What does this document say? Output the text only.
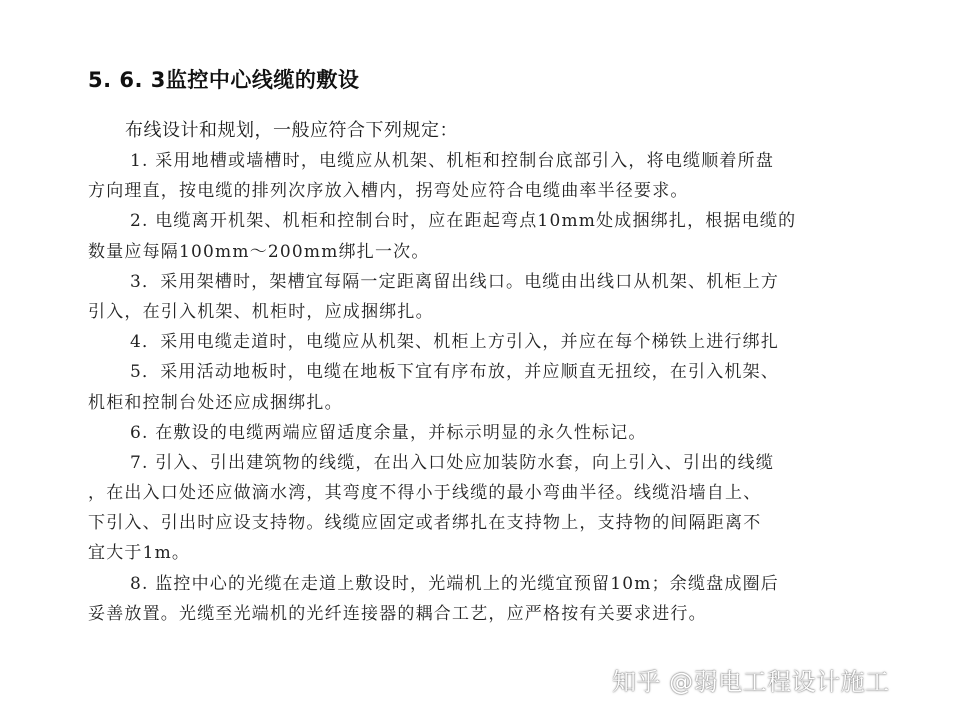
5. 6. 3监控中心线缆的敷设
布线设计和规划，一般应符合下列规定：
1. 采用地槽或墙槽时，电缆应从机架、机柜和控制台底部引入，将电缆顺着所盘
方向理直，按电缆的排列次序放入槽内，拐弯处应符合电缆曲率半径要求。
2. 电缆离开机架、机柜和控制台时，应在距起弯点10mm处成捆绑扎，根据电缆的
数量应每隔100mm～200mm绑扎一次。
3．采用架槽时，架槽宜每隔一定距离留出线口。电缆由出线口从机架、机柜上方
引入，在引入机架、机柜时，应成捆绑扎。
4．采用电缆走道时，电缆应从机架、机柜上方引入，并应在每个梯铁上进行绑扎
5．采用活动地板时，电缆在地板下宜有序布放，并应顺直无扭绞，在引入机架、
机柜和控制台处还应成捆绑扎。
6. 在敷设的电缆两端应留适度余量，并标示明显的永久性标记。
7. 引入、引出建筑物的线缆，在出入口处应加装防水套，向上引入、引出的线缆
，在出入口处还应做滴水湾，其弯度不得小于线缆的最小弯曲半径。线缆沿墙自上、
下引入、引出时应设支持物。线缆应固定或者绑扎在支持物上，支持物的间隔距离不
宜大于1m。
8. 监控中心的光缆在走道上敷设时，光端机上的光缆宜预留10m；余缆盘成圈后
妥善放置。光缆至光端机的光纤连接器的耦合工艺，应严格按有关要求进行。
知乎 @弱电工程设计施工
